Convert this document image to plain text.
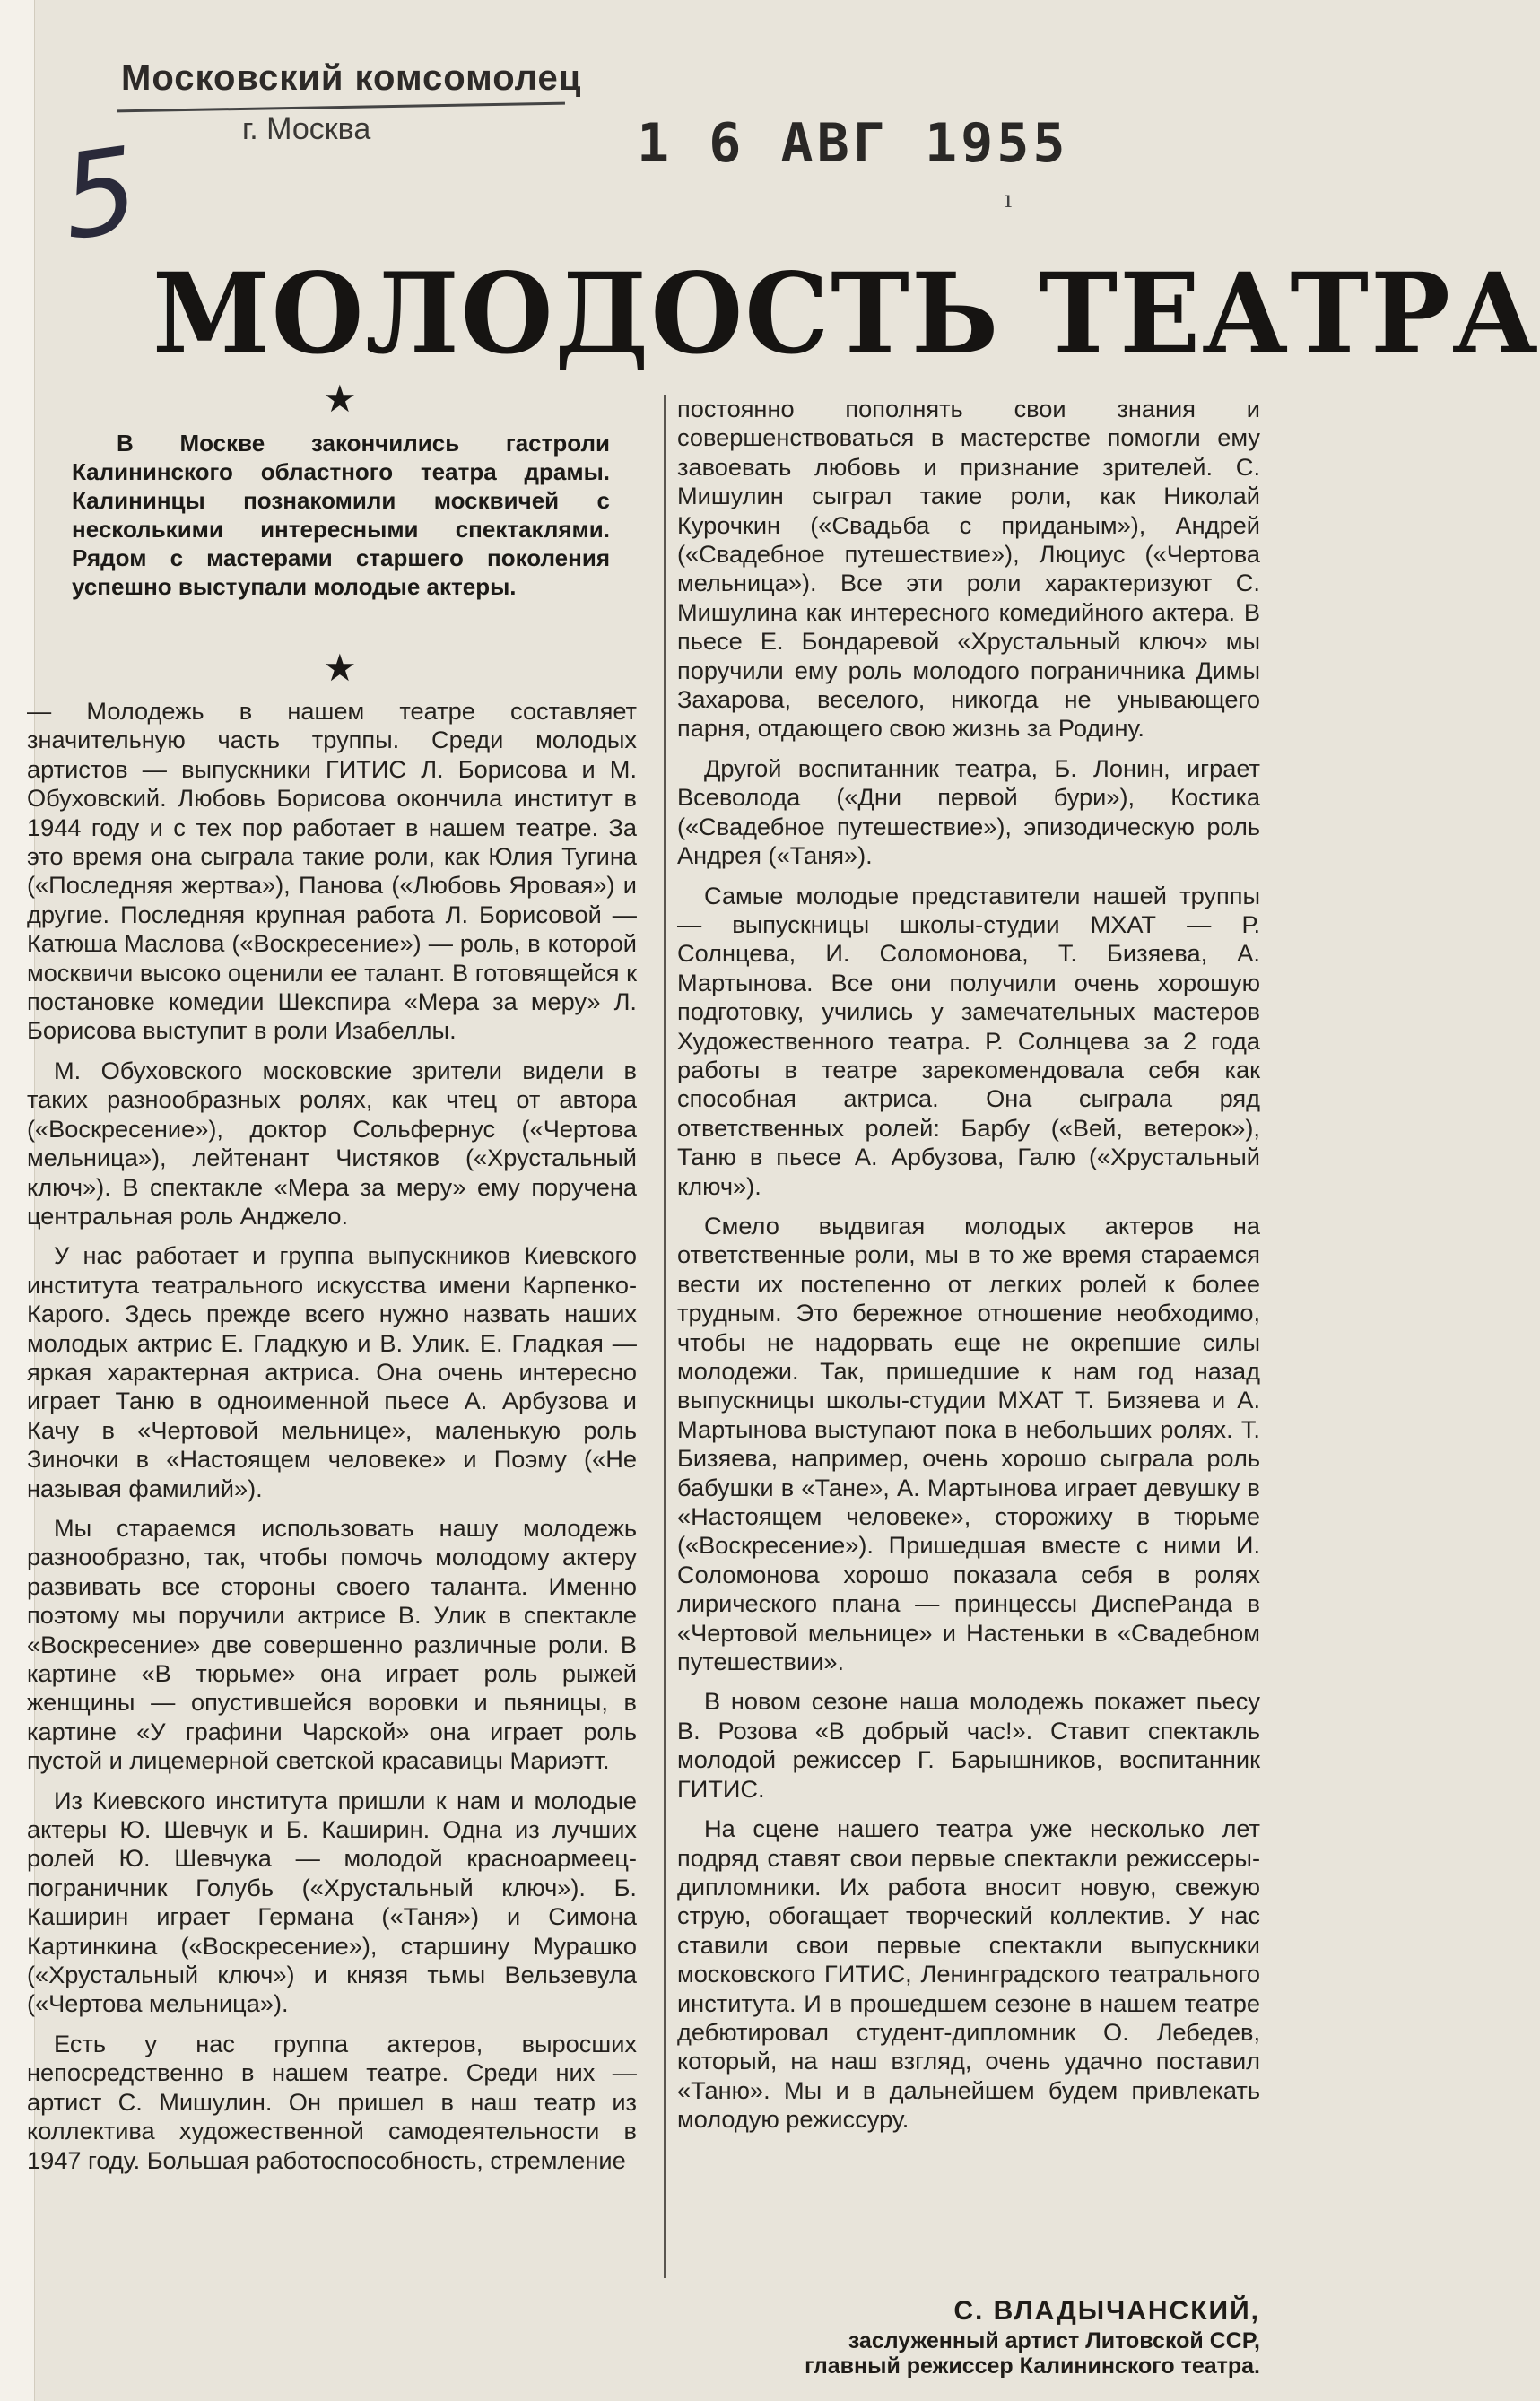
5
Московский комсомолец
г. Москва	1 6 АВГ 1955
ı
МОЛОДОСТЬ ТЕАТРА
★
В Москве закончились гастроли Калининского областного театра драмы. Калининцы познакомили москвичей с несколькими интересными спектаклями. Рядом с мастерами старшего поколения успешно выступали молодые актеры.
★

— Молодежь в нашем театре составляет значительную часть труппы. Среди молодых артистов — выпускники ГИТИС Л. Борисова и М. Обуховский. Любовь Борисова окончила институт в 1944 году и с тех пор работает в нашем театре. За это время она сыграла такие роли, как Юлия Тугина («Последняя жертва»), Панова («Любовь Яровая») и другие. Последняя крупная работа Л. Борисовой — Катюша Маслова («Воскресение») — роль, в которой москвичи высоко оценили ее талант. В готовящейся к постановке комедии Шекспира «Мера за меру» Л. Борисова выступит в роли Изабеллы.

М. Обуховского московские зрители видели в таких разнообразных ролях, как чтец от автора («Воскресение»), доктор Сольфернус («Чертова мельница»), лейтенант Чистяков («Хрустальный ключ»). В спектакле «Мера за меру» ему поручена центральная роль Анджело.

У нас работает и группа выпускников Киевского института театрального искусства имени Карпенко-Карого. Здесь прежде всего нужно назвать наших молодых актрис Е. Гладкую и В. Улик. Е. Гладкая — яркая характерная актриса. Она очень интересно играет Таню в одноименной пьесе А. Арбузова и Качу в «Чертовой мельнице», маленькую роль Зиночки в «Настоящем человеке» и Поэму («Не называя фамилий»).

Мы стараемся использовать нашу молодежь разнообразно, так, чтобы помочь молодому актеру развивать все стороны своего таланта. Именно поэтому мы поручили актрисе В. Улик в спектакле «Воскресение» две совершенно различные роли. В картине «В тюрьме» она играет роль рыжей женщины — опустившейся воровки и пьяницы, в картине «У графини Чарской» она играет роль пустой и лицемерной светской красавицы Мариэтт.

Из Киевского института пришли к нам и молодые актеры Ю. Шевчук и Б. Каширин. Одна из лучших ролей Ю. Шевчука — молодой красноармеец-пограничник Голубь («Хрустальный ключ»). Б. Каширин играет Германа («Таня») и Симона Картинкина («Воскресение»), старшину Мурашко («Хрустальный ключ») и князя тьмы Вельзевула («Чертова мельница»).

Есть у нас группа актеров, выросших непосредственно в нашем театре. Среди них — артист С. Мишулин. Он пришел в наш театр из коллектива художественной самодеятельности в 1947 году. Большая работоспособность, стремление

постоянно пополнять свои знания и совершенствоваться в мастерстве помогли ему завоевать любовь и признание зрителей. С. Мишулин сыграл такие роли, как Николай Курочкин («Свадьба с приданым»), Андрей («Свадебное путешествие»), Люциус («Чертова мельница»). Все эти роли характеризуют С. Мишулина как интересного комедийного актера. В пьесе Е. Бондаревой «Хрустальный ключ» мы поручили ему роль молодого пограничника Димы Захарова, веселого, никогда не унывающего парня, отдающего свою жизнь за Родину.

Другой воспитанник театра, Б. Лонин, играет Всеволода («Дни первой бури»), Костика («Свадебное путешествие»), эпизодическую роль Андрея («Таня»).

Самые молодые представители нашей труппы — выпускницы школы-студии МХАТ — Р. Солнцева, И. Соломонова, Т. Бизяева, А. Мартынова. Все они получили очень хорошую подготовку, учились у замечательных мастеров Художественного театра. Р. Солнцева за 2 года работы в театре зарекомендовала себя как способная актриса. Она сыграла ряд ответственных ролей: Барбу («Вей, ветерок»), Таню в пьесе А. Арбузова, Галю («Хрустальный ключ»).

Смело выдвигая молодых актеров на ответственные роли, мы в то же время стараемся вести их постепенно от легких ролей к более трудным. Это бережное отношение необходимо, чтобы не надорвать еще не окрепшие силы молодежи. Так, пришедшие к нам год назад выпускницы школы-студии МХАТ Т. Бизяева и А. Мартынова выступают пока в небольших ролях. Т. Бизяева, например, очень хорошо сыграла роль бабушки в «Тане», А. Мартынова играет девушку в «Настоящем человеке», сторожиху в тюрьме («Воскресение»). Пришедшая вместе с ними И. Соломонова хорошо показала себя в ролях лирического плана — принцессы ДиспеPанда в «Чертовой мельнице» и Настеньки в «Свадебном путешествии».

В новом сезоне наша молодежь покажет пьесу В. Розова «В добрый час!». Ставит спектакль молодой режиссер Г. Барышников, воспитанник ГИТИС.

На сцене нашего театра уже несколько лет подряд ставят свои первые спектакли режиссеры-дипломники. Их работа вносит новую, свежую струю, обогащает творческий коллектив. У нас ставили свои первые спектакли выпускники московского ГИТИС, Ленинградского театрального института. И в прошедшем сезоне в нашем театре дебютировал студент-дипломник О. Лебедев, который, на наш взгляд, очень удачно поставил «Таню». Мы и в дальнейшем будем привлекать молодую режиссуру.

С. ВЛАДЫЧАНСКИЙ,
заслуженный артист Литовской ССР,
главный режиссер Калининского театра.
